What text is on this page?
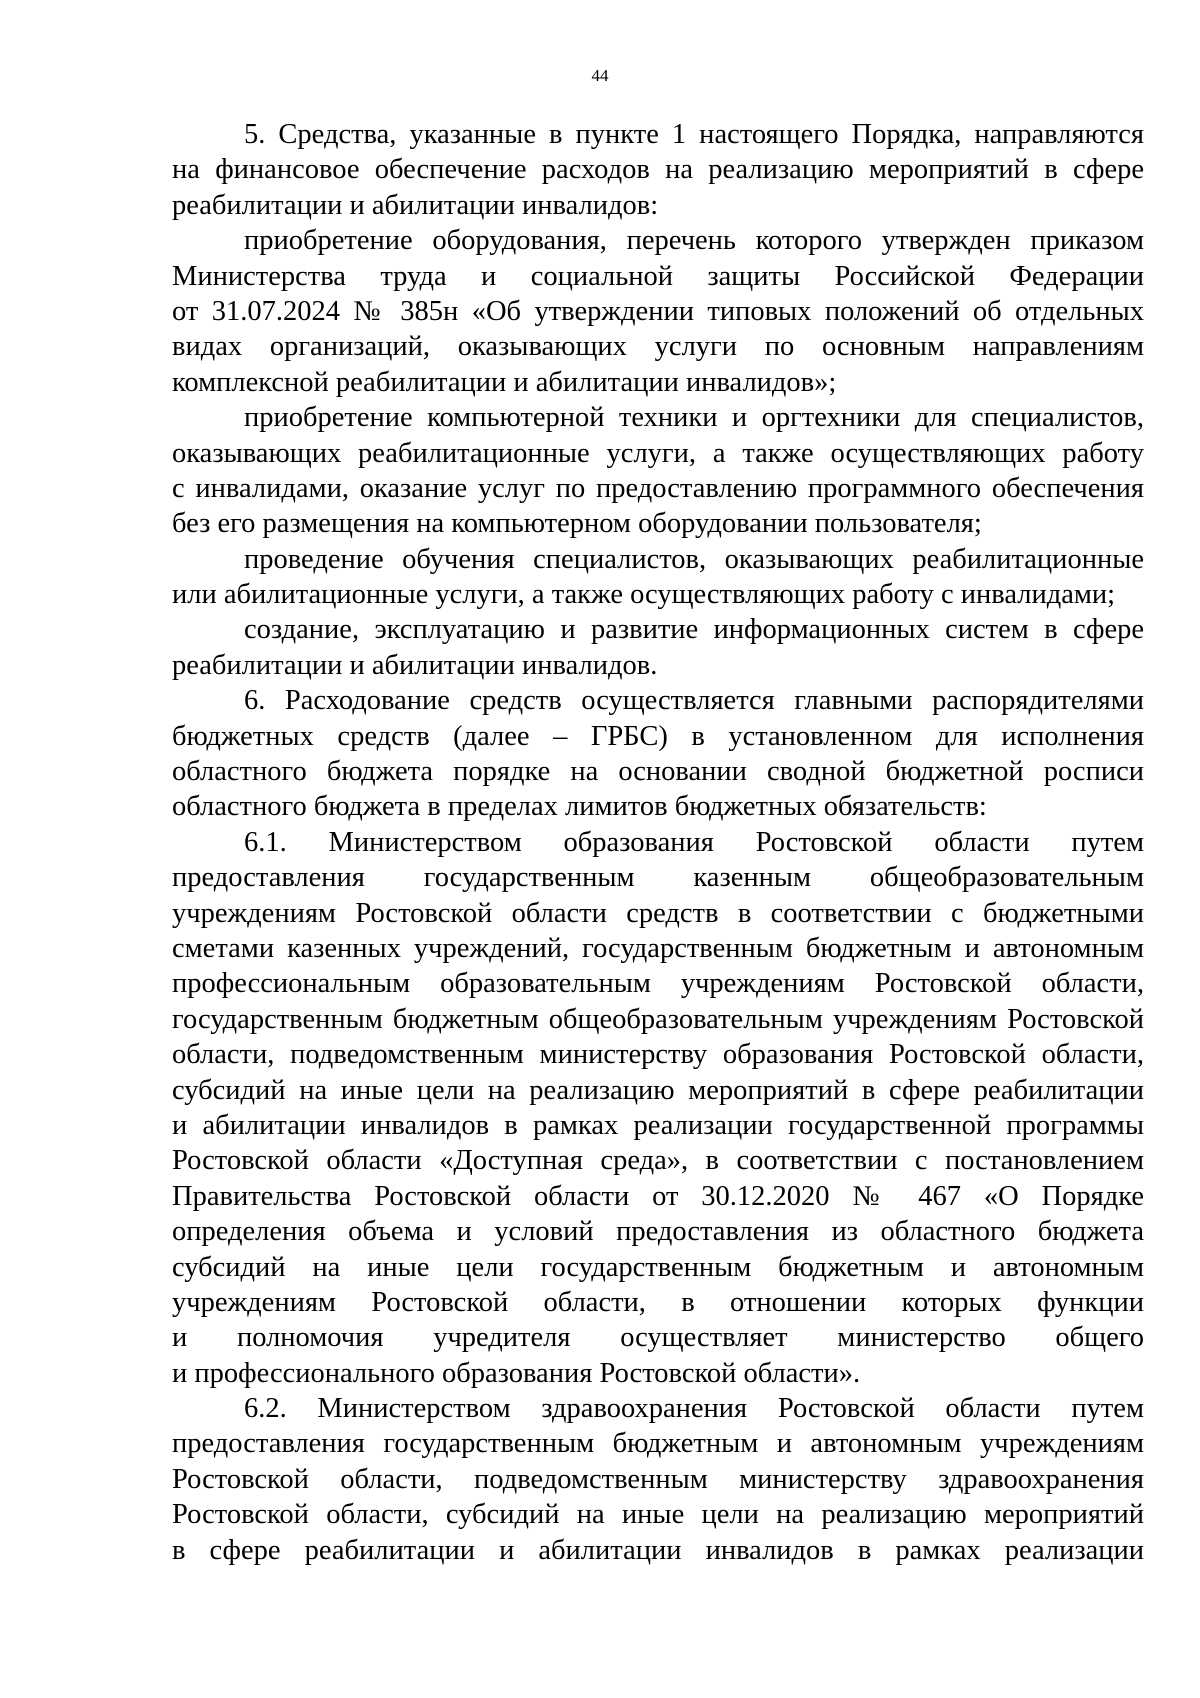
44
5. Средства, указанные в пункте 1 настоящего Порядка, направляются
на финансовое обеспечение расходов на реализацию мероприятий в сфере
реабилитации и абилитации инвалидов:
приобретение оборудования, перечень которого утвержден приказом
Министерства труда и социальной защиты Российской Федерации
от 31.07.2024 № 385н «Об утверждении типовых положений об отдельных
видах организаций, оказывающих услуги по основным направлениям
комплексной реабилитации и абилитации инвалидов»;
приобретение компьютерной техники и оргтехники для специалистов,
оказывающих реабилитационные услуги, а также осуществляющих работу
с инвалидами, оказание услуг по предоставлению программного обеспечения
без его размещения на компьютерном оборудовании пользователя;
проведение обучения специалистов, оказывающих реабилитационные
или абилитационные услуги, а также осуществляющих работу с инвалидами;
создание, эксплуатацию и развитие информационных систем в сфере
реабилитации и абилитации инвалидов.
6. Расходование средств осуществляется главными распорядителями
бюджетных средств (далее – ГРБС) в установленном для исполнения
областного бюджета порядке на основании сводной бюджетной росписи
областного бюджета в пределах лимитов бюджетных обязательств:
6.1. Министерством образования Ростовской области путем
предоставления государственным казенным общеобразовательным
учреждениям Ростовской области средств в соответствии с бюджетными
сметами казенных учреждений, государственным бюджетным и автономным
профессиональным образовательным учреждениям Ростовской области,
государственным бюджетным общеобразовательным учреждениям Ростовской
области, подведомственным министерству образования Ростовской области,
субсидий на иные цели на реализацию мероприятий в сфере реабилитации
и абилитации инвалидов в рамках реализации государственной программы
Ростовской области «Доступная среда», в соответствии с постановлением
Правительства Ростовской области от 30.12.2020 № 467 «О Порядке
определения объема и условий предоставления из областного бюджета
субсидий на иные цели государственным бюджетным и автономным
учреждениям Ростовской области, в отношении которых функции
и полномочия учредителя осуществляет министерство общего
и профессионального образования Ростовской области».
6.2. Министерством здравоохранения Ростовской области путем
предоставления государственным бюджетным и автономным учреждениям
Ростовской области, подведомственным министерству здравоохранения
Ростовской области, субсидий на иные цели на реализацию мероприятий
в сфере реабилитации и абилитации инвалидов в рамках реализации
